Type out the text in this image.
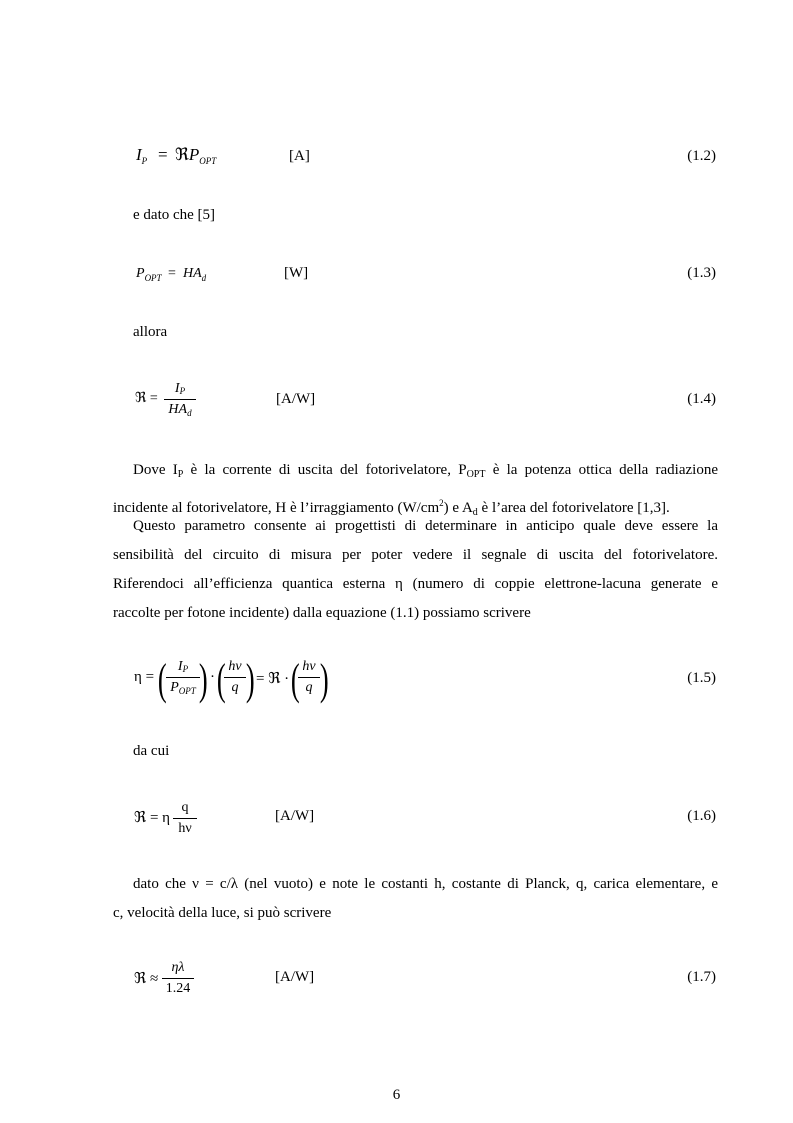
$I_P$ = ℜP$_{OPT}$	[A]	(1.2)
e dato che [5]
$P_{OPT} = HA_d$	[W]	(1.3)
allora
ℜ =
IP
$HA_d$
[A/W]	(1.4)
Dove $I_P$ è la corrente di uscita del fotorivelatore, $P_{OPT}$ è la potenza ottica della radiazione
incidente al fotorivelatore, H è l’irraggiamento $(W/cm^2)$ e $A_d$ è l’area del fotorivelatore [1,3].
Questo parametro consente ai progettisti di determinare in anticipo quale deve essere la
sensibilità del circuito di misura per poter vedere il segnale di uscita del fotorivelatore.
Riferendoci all’efficienza quantica esterna η (numero di coppie elettrone-lacuna generate e
raccolte per fotone incidente) dalla equazione (1.1) possiamo scrivere
η = ( IP
$P_{OPT}$ ) · ( hν
q ) = ℜ · ( hν
q )	(1.5)
da cui
ℜ = η
q
hν
[A/W]	(1.6)
dato che ν = c/λ (nel vuoto) e note le costanti h, costante di Planck, q, carica elementare, e
c, velocità della luce, si può scrivere
ℜ ≈
ηλ
1.24
[A/W]	(1.7)
6
